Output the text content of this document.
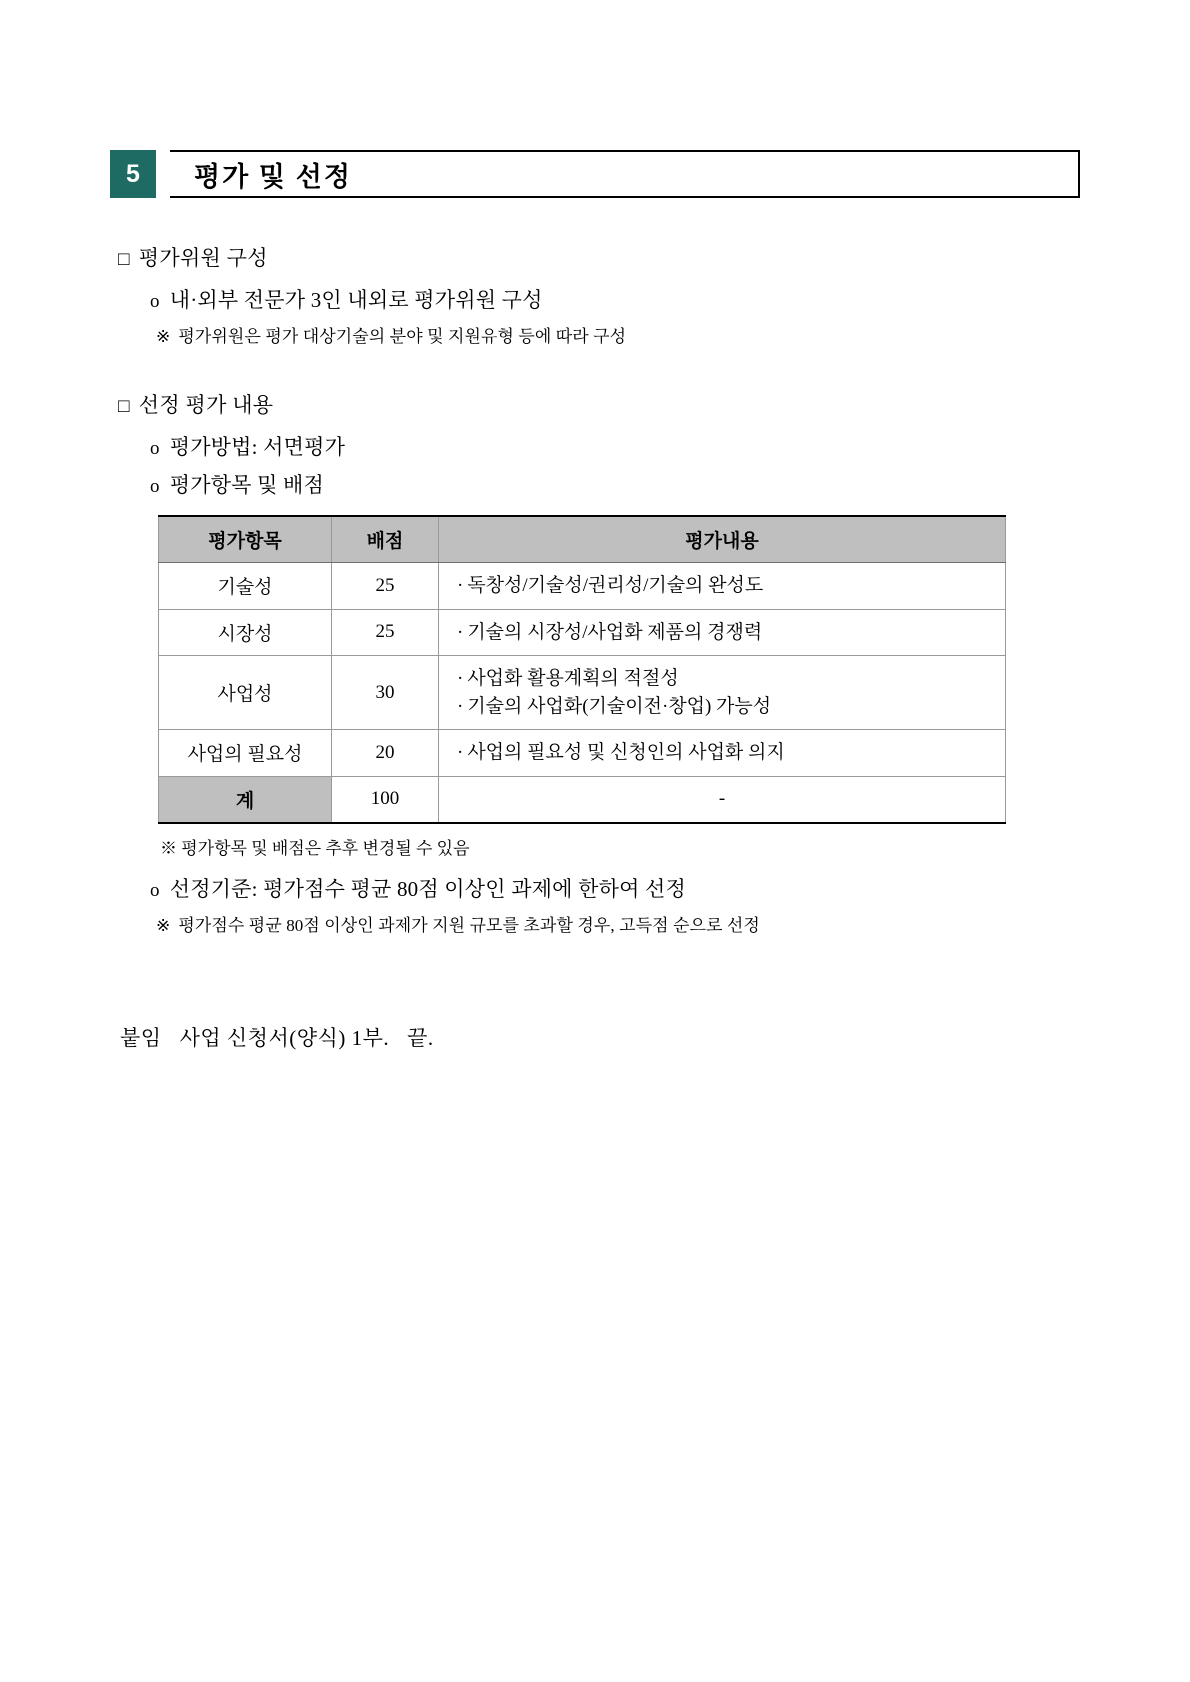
5	평가 및 선정
□ 평가위원 구성
o 내·외부 전문가 3인 내외로 평가위원 구성
※ 평가위원은 평가 대상기술의 분야 및 지원유형 등에 따라 구성
□ 선정 평가 내용
o 평가방법: 서면평가
o 평가항목 및 배점
평가항목	배점	평가내용
기술성	25	· 독창성/기술성/권리성/기술의 완성도

시장성	25	· 기술의 시장성/사업화 제품의 경쟁력

사업성	30	· 사업화 활용계획의 적절성
· 기술의 사업화(기술이전·창업) 가능성

사업의 필요성	20	· 사업의 필요성 및 신청인의 사업화 의지

계	100	-
※ 평가항목 및 배점은 추후 변경될 수 있음
o 선정기준: 평가점수 평균 80점 이상인 과제에 한하여 선정
※ 평가점수 평균 80점 이상인 과제가 지원 규모를 초과할 경우, 고득점 순으로 선정
붙임 사업 신청서(양식) 1부. 끝.
